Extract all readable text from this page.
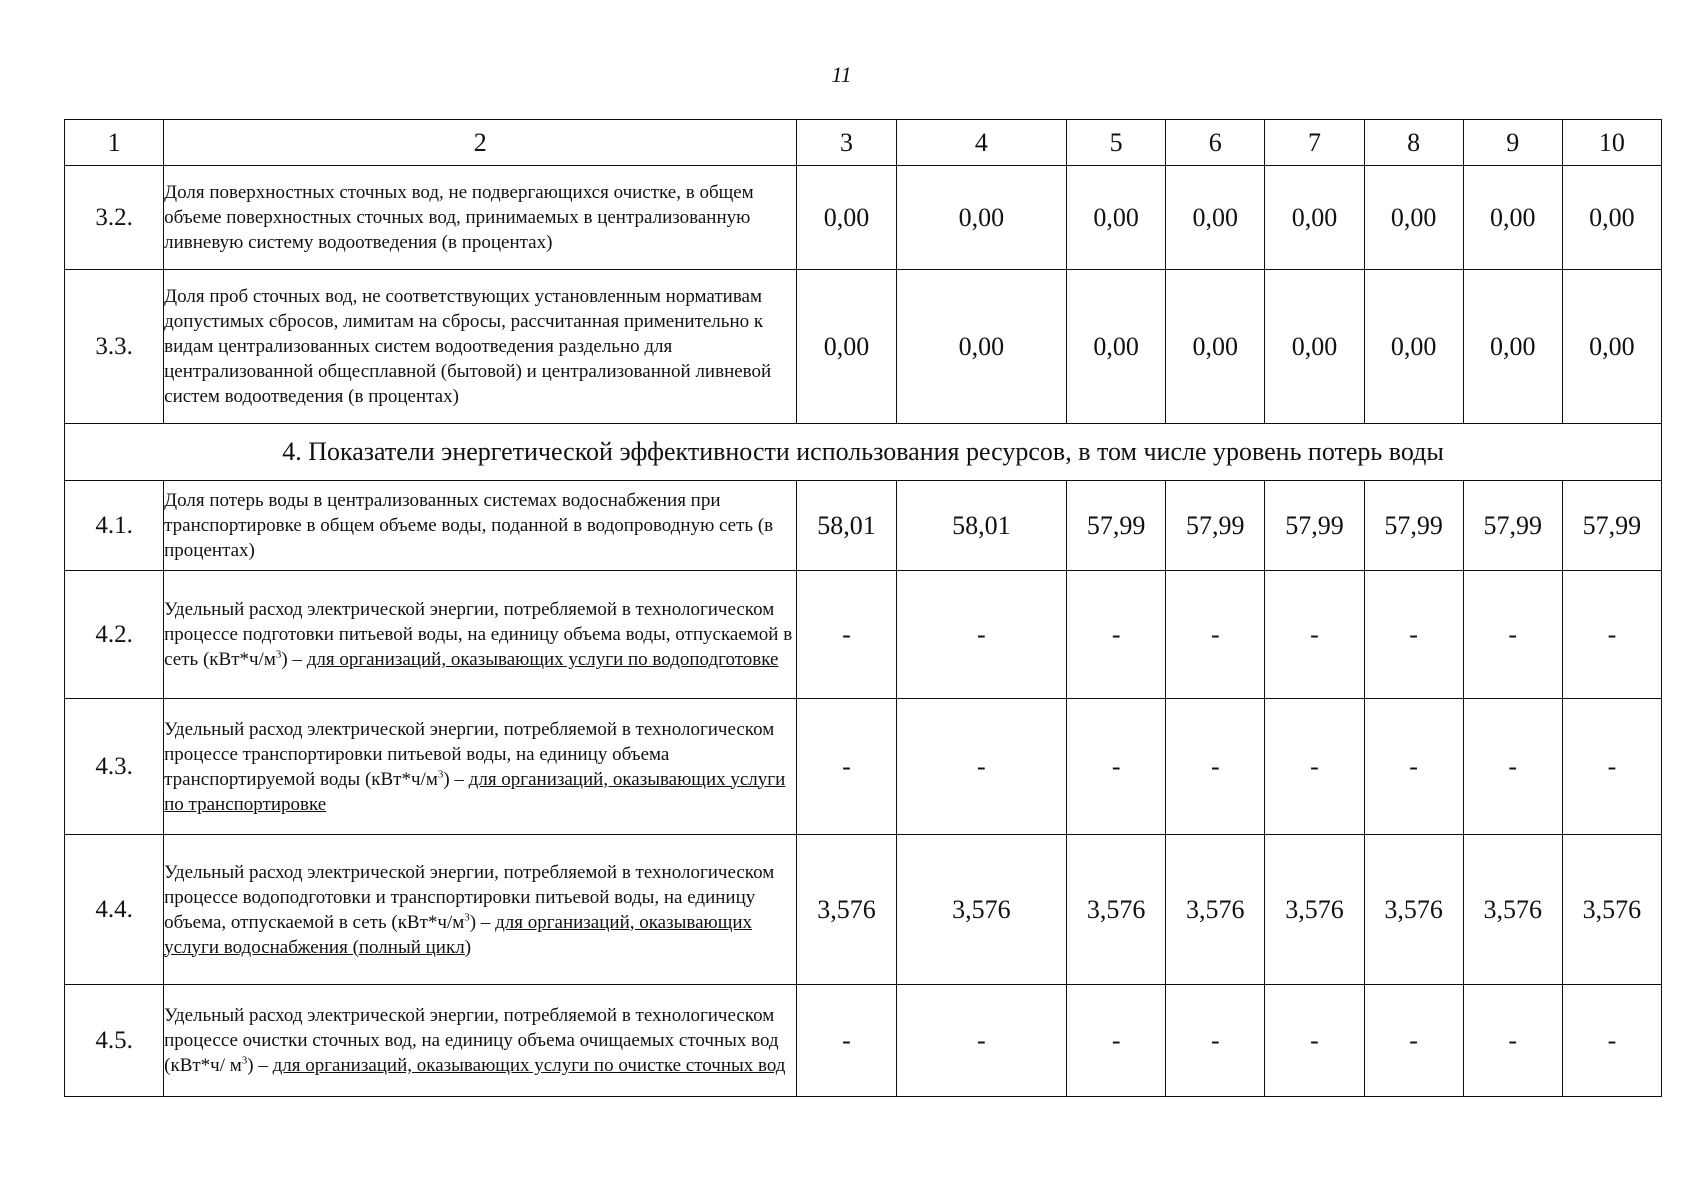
11
1	2	3	4	5	6	7	8	9	10
3.2.	Доля поверхностных сточных вод, не подвергающихся очистке, в общем объеме поверхностных сточных вод, принимаемых в централизованную ливневую систему водоотведения (в процентах)	0,00	0,00	0,00	0,00	0,00	0,00	0,00	0,00
3.3.	Доля проб сточных вод, не соответствующих установленным нормативам допустимых сбросов, лимитам на сбросы, рассчитанная применительно к видам централизованных систем водоотведения раздельно для централизованной общесплавной (бытовой) и централизованной ливневой систем водоотведения (в процентах)	0,00	0,00	0,00	0,00	0,00	0,00	0,00	0,00
4. Показатели энергетической эффективности использования ресурсов, в том числе уровень потерь воды									
4.1.	Доля потерь воды в централизованных системах водоснабжения при транспортировке в общем объеме воды, поданной в водопроводную сеть (в процентах)	58,01	58,01	57,99	57,99	57,99	57,99	57,99	57,99
4.2.	Удельный расход электрической энергии, потребляемой в технологическом процессе подготовки питьевой воды, на единицу объема воды, отпускаемой в сеть $(кВт*ч/м^3)$ – для организаций, оказывающих услуги по водоподготовке	-	-	-	-	-	-	-	-
4.3.	Удельный расход электрической энергии, потребляемой в технологическом процессе транспортировки питьевой воды, на единицу объема транспортируемой воды $(кВт*ч/м^3)$ – для организаций, оказывающих услуги по транспортировке	-	-	-	-	-	-	-	-
4.4.	Удельный расход электрической энергии, потребляемой в технологическом процессе водоподготовки и транспортировки питьевой воды, на единицу объема, отпускаемой в сеть $(кВт*ч/м^3)$ – для организаций, оказывающих услуги водоснабжения (полный цикл)	3,576	3,576	3,576	3,576	3,576	3,576	3,576	3,576
4.5.	Удельный расход электрической энергии, потребляемой в технологическом процессе очистки сточных вод, на единицу объема очищаемых сточных вод (кВт*ч/ $м^3$) – для организаций, оказывающих услуги по очистке сточных вод	-	-	-	-	-	-	-	-
